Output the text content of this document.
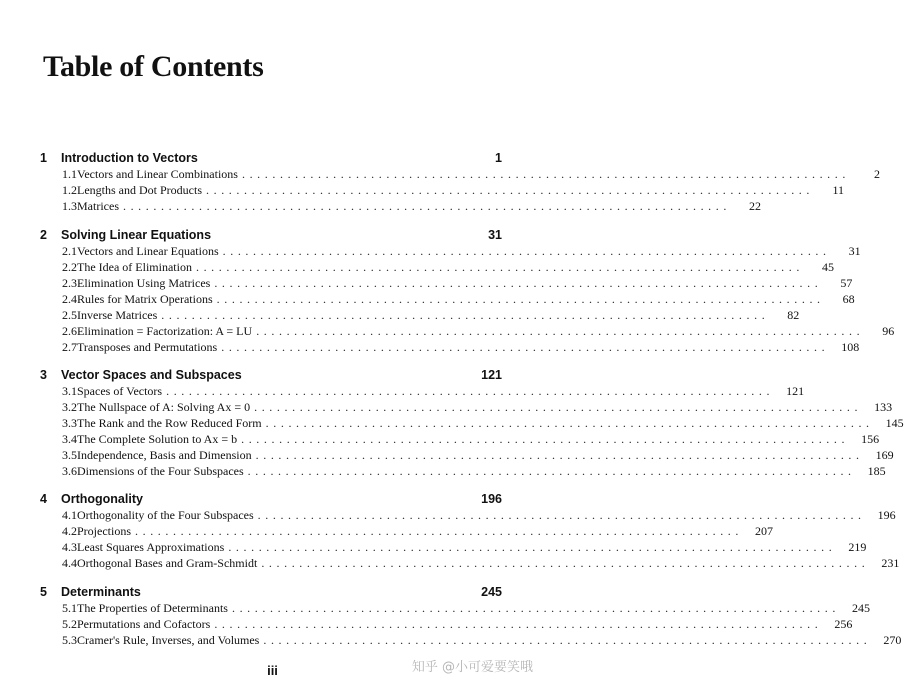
Table of Contents
1	Introduction to Vectors	1
1.1 Vectors and Linear Combinations ................................................................................	2
1.2 Lengths and Dot Products ................................................................................	11
1.3 Matrices ................................................................................	22
2	Solving Linear Equations	31
2.1 Vectors and Linear Equations ................................................................................	31
2.2 The Idea of Elimination ................................................................................	45
2.3 Elimination Using Matrices ................................................................................	57
2.4 Rules for Matrix Operations ................................................................................	68
2.5 Inverse Matrices ................................................................................	82
2.6 Elimination = Factorization: A = LU ................................................................................	96
2.7 Transposes and Permutations ................................................................................	108
3	Vector Spaces and Subspaces	121
3.1 Spaces of Vectors ................................................................................	121
3.2 The Nullspace of A: Solving Ax = 0 ................................................................................	133
3.3 The Rank and the Row Reduced Form ................................................................................	145
3.4 The Complete Solution to Ax = b ................................................................................	156
3.5 Independence, Basis and Dimension ................................................................................	169
3.6 Dimensions of the Four Subspaces ................................................................................	185
4	Orthogonality	196
4.1 Orthogonality of the Four Subspaces ................................................................................	196
4.2 Projections ................................................................................	207
4.3 Least Squares Approximations ................................................................................	219
4.4 Orthogonal Bases and Gram-Schmidt ................................................................................	231
5	Determinants	245
5.1 The Properties of Determinants ................................................................................	245
5.2 Permutations and Cofactors ................................................................................	256
5.3 Cramer's Rule, Inverses, and Volumes ................................................................................	270
iii	知乎 @小可爱要笑哦
